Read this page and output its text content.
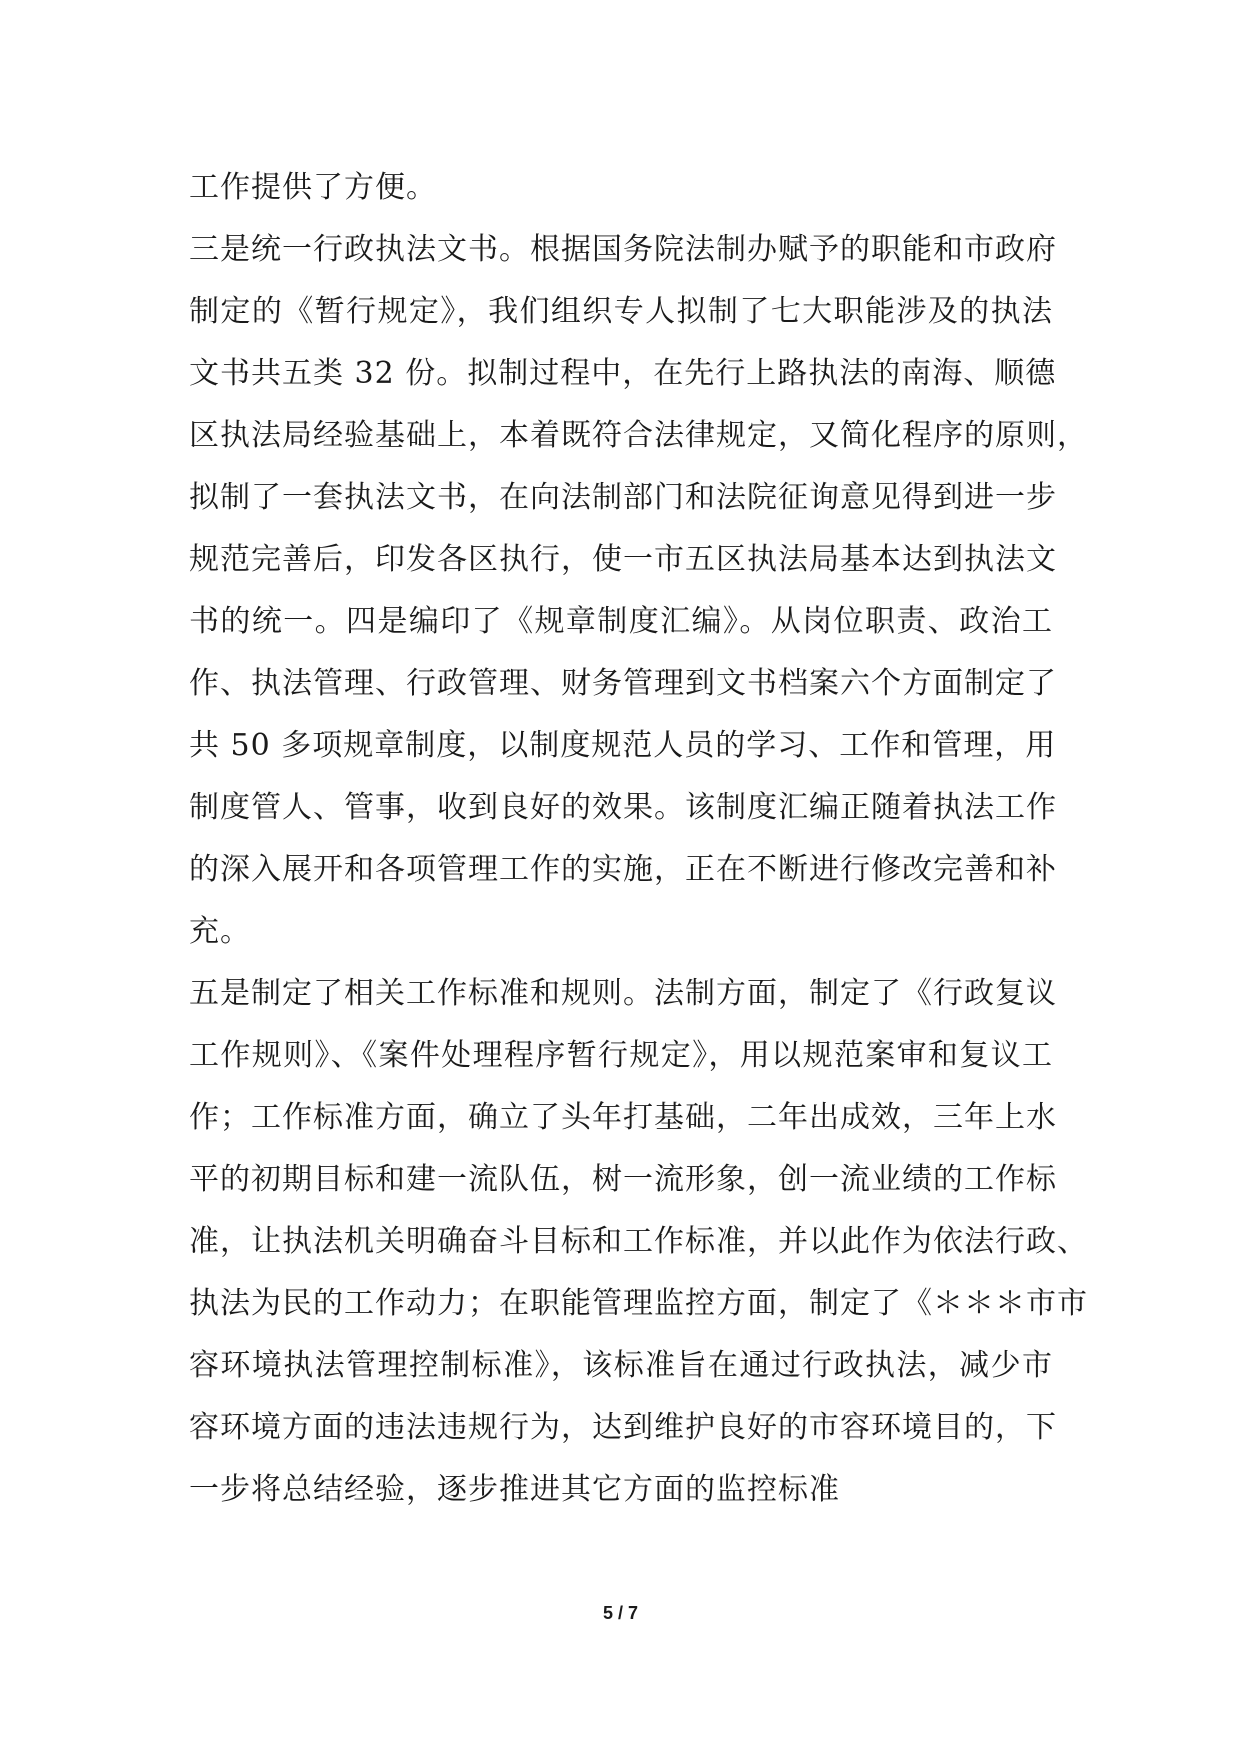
工作提供了方便。
三是统一行政执法文书。根据国务院法制办赋予的职能和市政府
制定的《暂行规定》，我们组织专人拟制了七大职能涉及的执法
文书共五类 32 份。拟制过程中，在先行上路执法的南海、顺德
区执法局经验基础上，本着既符合法律规定，又简化程序的原则，
拟制了一套执法文书，在向法制部门和法院征询意见得到进一步
规范完善后，印发各区执行，使一市五区执法局基本达到执法文
书的统一。四是编印了《规章制度汇编》。从岗位职责、政治工
作、执法管理、行政管理、财务管理到文书档案六个方面制定了
共 50 多项规章制度，以制度规范人员的学习、工作和管理，用
制度管人、管事，收到良好的效果。该制度汇编正随着执法工作
的深入展开和各项管理工作的实施，正在不断进行修改完善和补
充。
五是制定了相关工作标准和规则。法制方面，制定了《行政复议
工作规则》、《案件处理程序暂行规定》，用以规范案审和复议工
作；工作标准方面，确立了头年打基础，二年出成效，三年上水
平的初期目标和建一流队伍，树一流形象，创一流业绩的工作标
准，让执法机关明确奋斗目标和工作标准，并以此作为依法行政、
执法为民的工作动力；在职能管理监控方面，制定了《＊＊＊市市
容环境执法管理控制标准》，该标准旨在通过行政执法，减少市
容环境方面的违法违规行为，达到维护良好的市容环境目的，下
一步将总结经验，逐步推进其它方面的监控标准
5 / 7
